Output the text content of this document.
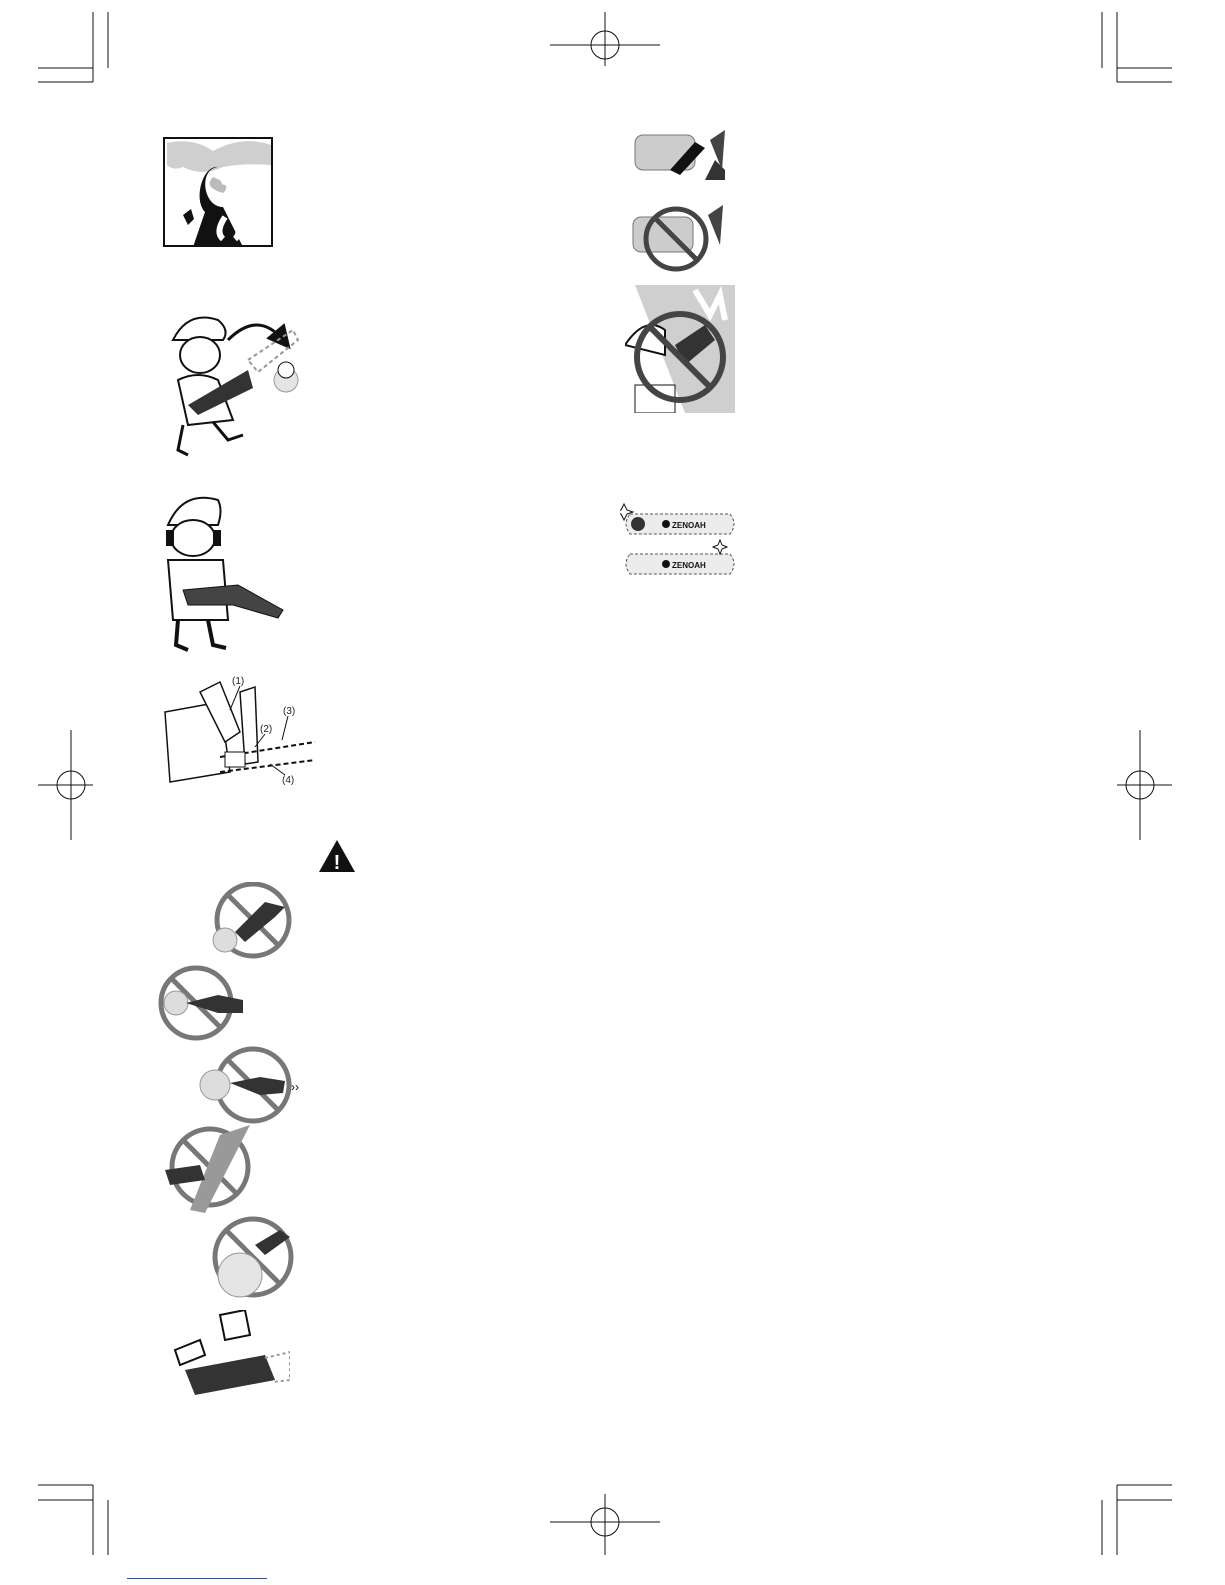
(1)
(2)
(3)
(4)
!
››
ZENOAH
ZENOAH
